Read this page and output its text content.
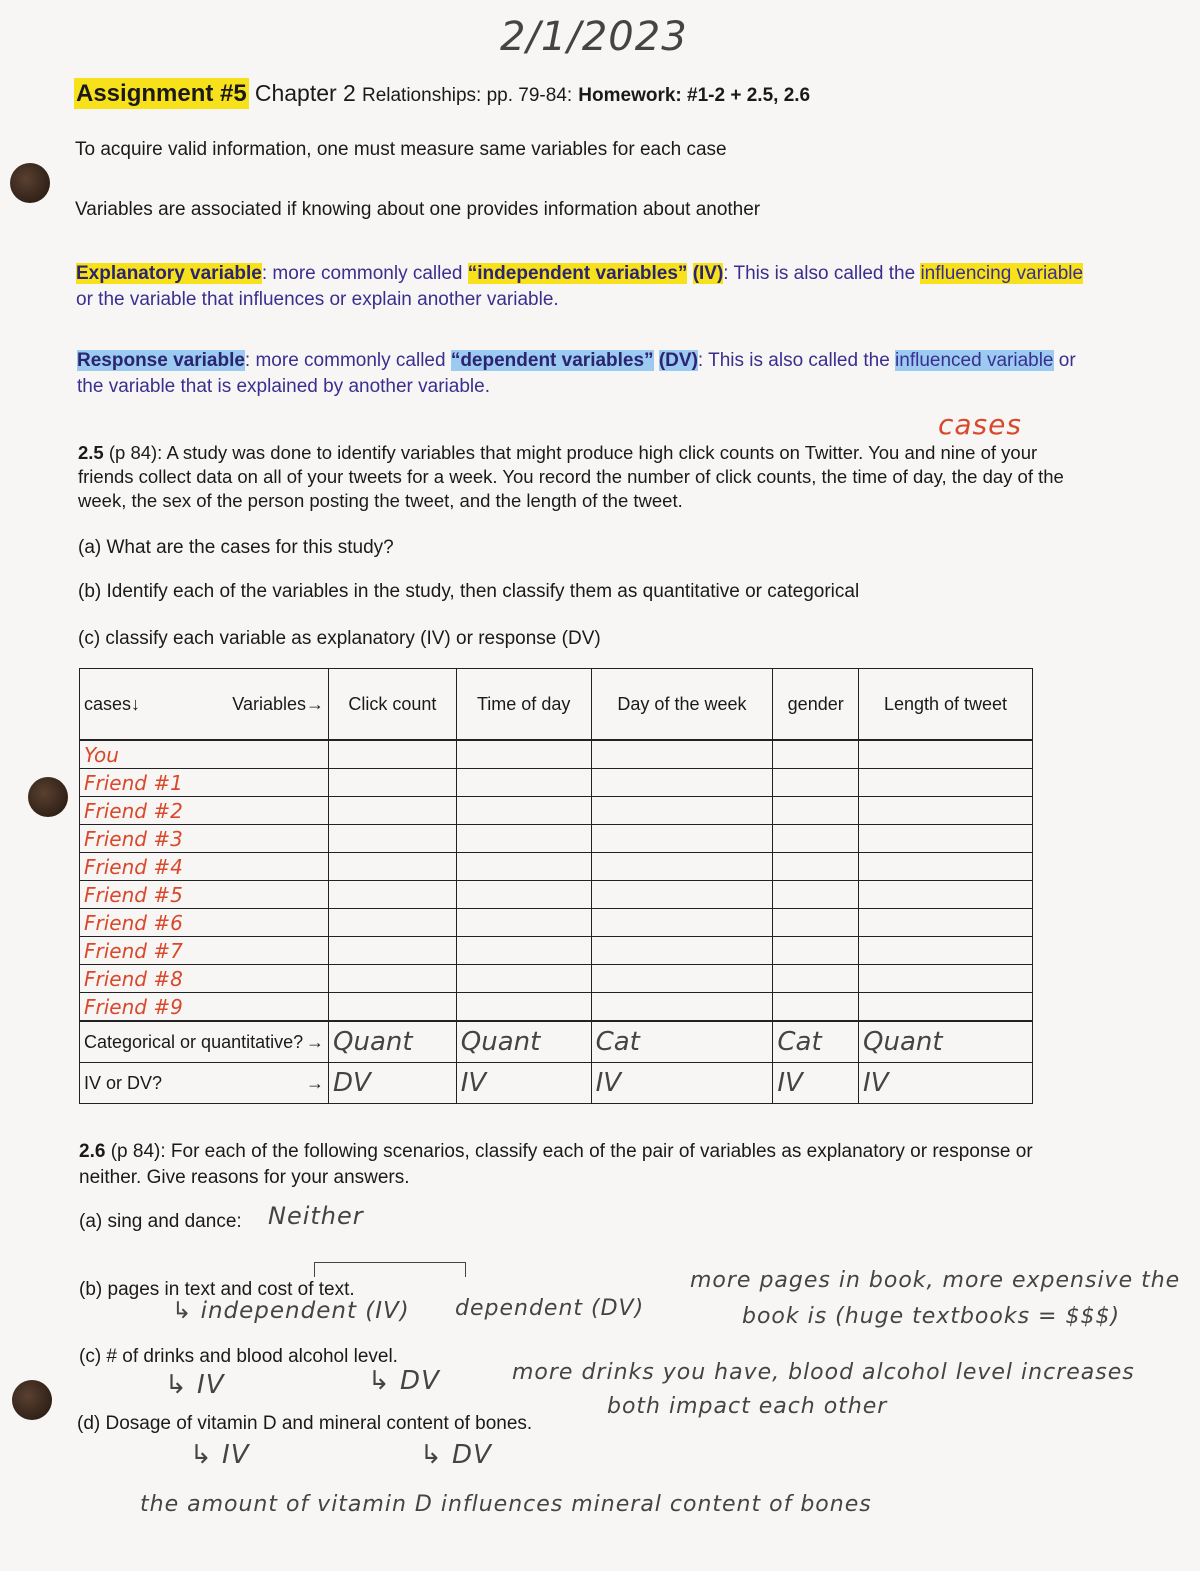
2/1/2023
Assignment #5 Chapter 2 Relationships: pp. 79-84: Homework: #1-2 + 2.5, 2.6
To acquire valid information, one must measure same variables for each case
Variables are associated if knowing about one provides information about another
Explanatory variable: more commonly called “independent variables” (IV): This is also called the influencing variable
or the variable that influences or explain another variable.
Response variable: more commonly called “dependent variables” (DV): This is also called the influenced variable or
the variable that is explained by another variable.
cases
2.5 (p 84): A study was done to identify variables that might produce high click counts on Twitter. You and nine of your
friends collect data on all of your tweets for a week. You record the number of click counts, the time of day, the day of the
week, the sex of the person posting the tweet, and the length of the tweet.
(a) What are the cases for this study?
(b) Identify each of the variables in the study, then classify them as quantitative or categorical
(c) classify each variable as explanatory (IV) or response (DV)
cases↓ Variables→	Click count	Time of day	Day of the week	gender	Length of tweet
You					
Friend #1					
Friend #2					
Friend #3					
Friend #4					
Friend #5					
Friend #6					
Friend #7					
Friend #8					
Friend #9					
Categorical or quantitative? →	Quant	Quant	Cat	Cat	Quant
IV or DV? →	DV	IV	IV	IV	IV
2.6 (p 84): For each of the following scenarios, classify each of the pair of variables as explanatory or response or
neither. Give reasons for your answers.
(a) sing and dance: Neither
(b) pages in text and cost of text.
↳ independent (IV) dependent (DV)
more pages in book, more expensive the
book is (huge textbooks = $$$)
(c) # of drinks and blood alcohol level.
↳ IV	↳ DV	more drinks you have, blood alcohol level increases
both impact each other
(d) Dosage of vitamin D and mineral content of bones.
↳ IV	↳ DV
the amount of vitamin D influences mineral content of bones
